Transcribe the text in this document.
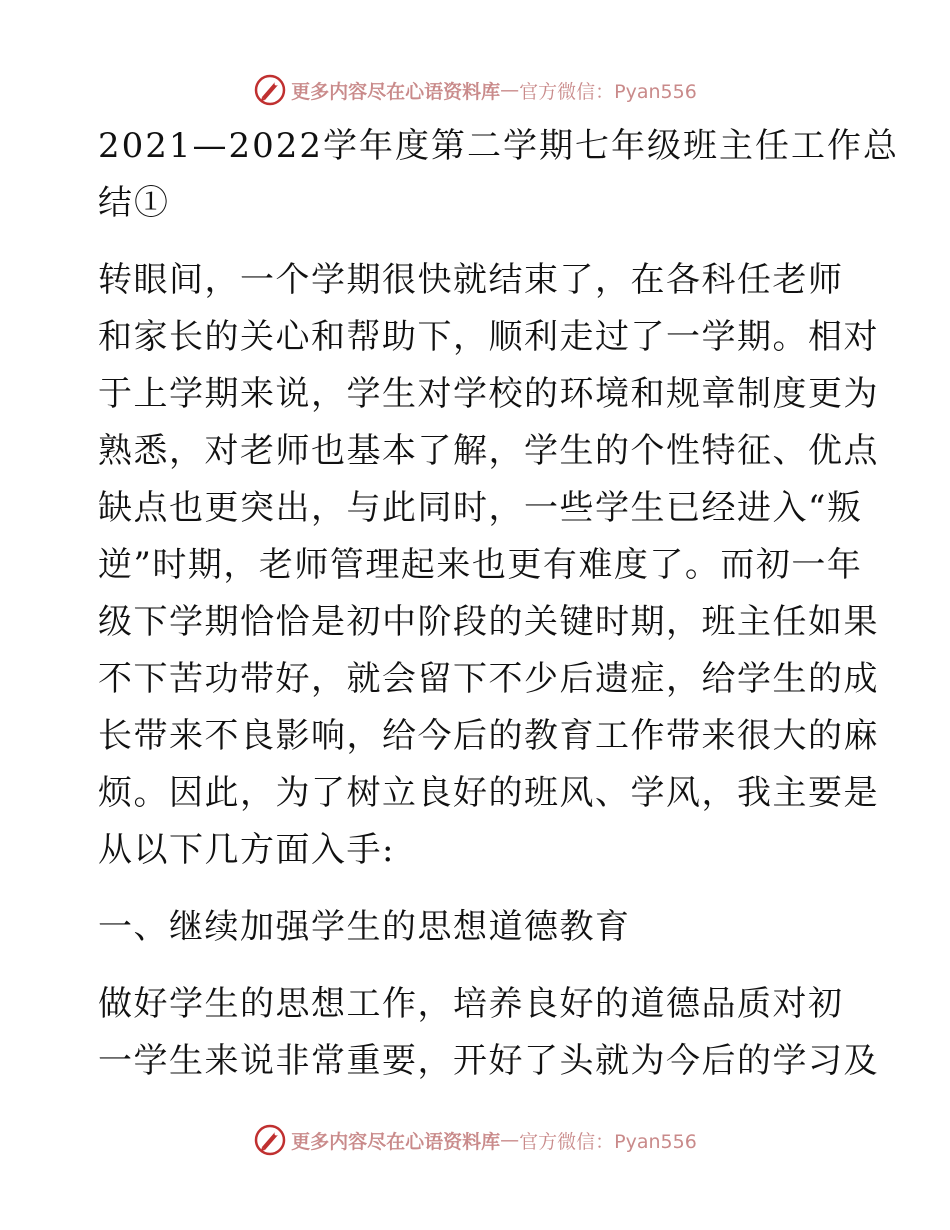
更多内容尽在心语资料库 — 官方微信：Pyan556
2021—2022学年度第二学期七年级班主任工作总
结①
转眼间，一个学期很快就结束了，在各科任老师
和家长的关心和帮助下，顺利走过了一学期。相对
于上学期来说，学生对学校的环境和规章制度更为
熟悉，对老师也基本了解，学生的个性特征、优点
缺点也更突出，与此同时，一些学生已经进入“叛
逆”时期，老师管理起来也更有难度了。而初一年
级下学期恰恰是初中阶段的关键时期，班主任如果
不下苦功带好，就会留下不少后遗症，给学生的成
长带来不良影响，给今后的教育工作带来很大的麻
烦。因此，为了树立良好的班风、学风，我主要是
从以下几方面入手:
一、继续加强学生的思想道德教育
做好学生的思想工作，培养良好的道德品质对初
一学生来说非常重要，开好了头就为今后的学习及
更多内容尽在心语资料库 — 官方微信：Pyan556
